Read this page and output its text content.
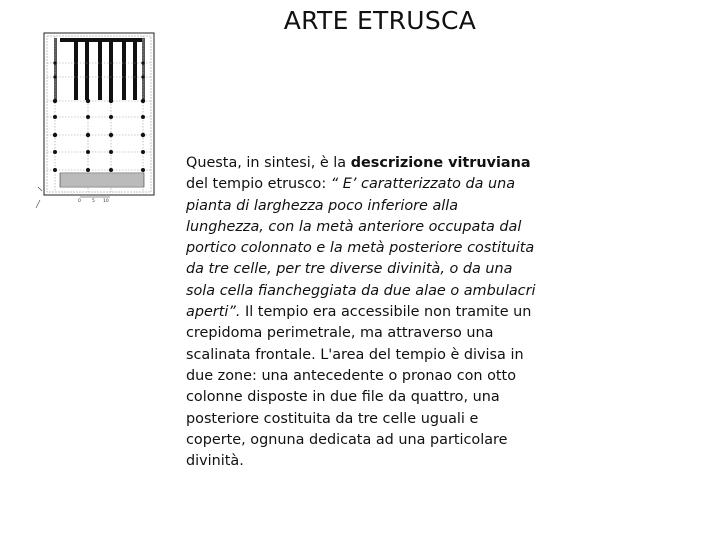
ARTE ETRUSCA
0 5 10
Questa, in sintesi, è la descrizione vitruviana del tempio etrusco: “ E’ caratterizzato da una pianta di larghezza poco inferiore alla lunghezza, con la metà anteriore occupata dal portico colonnato e la metà posteriore costituita da tre celle, per tre diverse divinità, o da una sola cella fiancheggiata da due alae o ambulacri aperti”. Il tempio era accessibile non tramite un crepidoma perimetrale, ma attraverso una scalinata frontale. L'area del tempio è divisa in due zone: una antecedente o pronao con otto colonne disposte in due file da quattro, una posteriore costituita da tre celle uguali e coperte, ognuna dedicata ad una particolare divinità.
